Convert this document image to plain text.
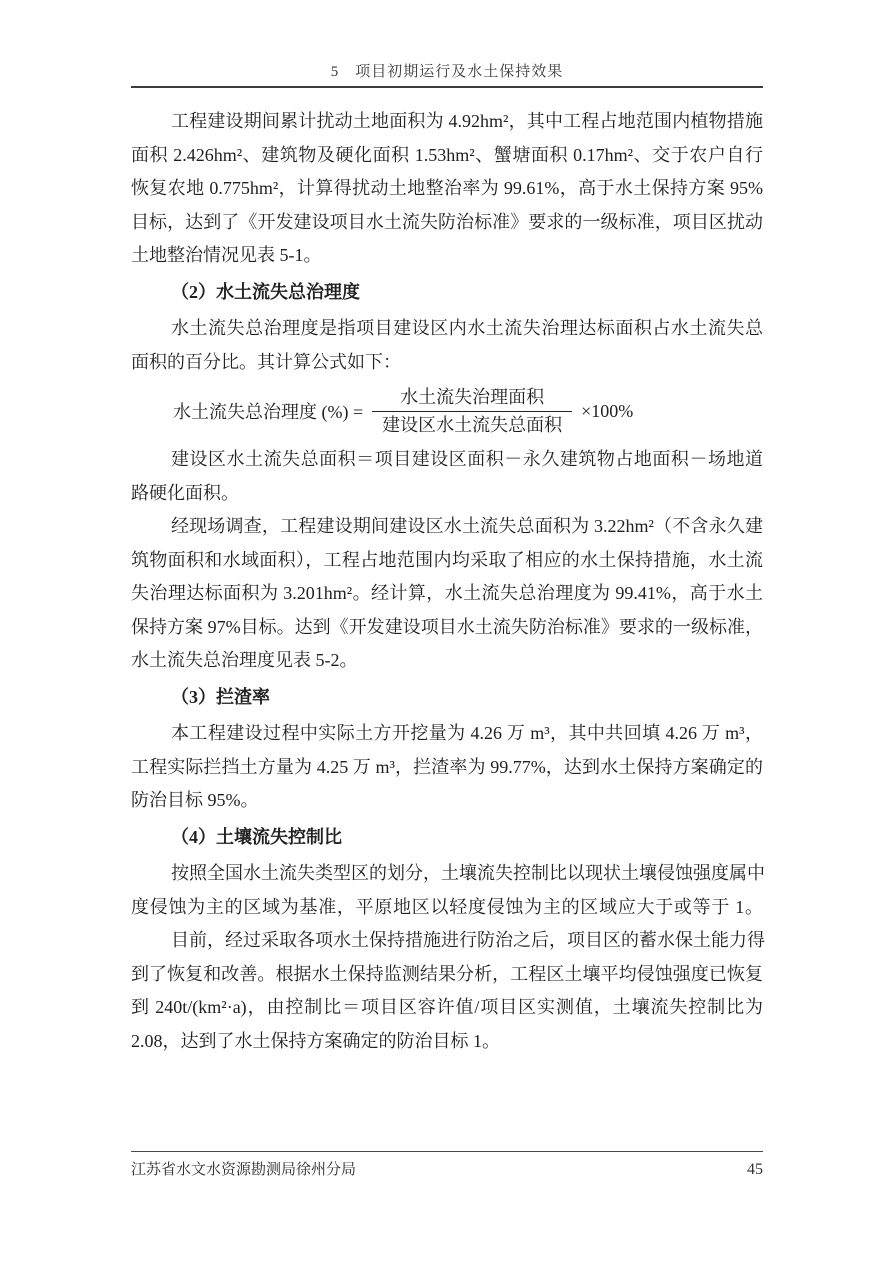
5　项目初期运行及水土保持效果
工程建设期间累计扰动土地面积为 4.92hm²，其中工程占地范围内植物措施
面积 2.426hm²、建筑物及硬化面积 1.53hm²、蟹塘面积 0.17hm²、交于农户自行
恢复农地 0.775hm²，计算得扰动土地整治率为 99.61%，高于水土保持方案 95%
目标，达到了《开发建设项目水土流失防治标准》要求的一级标准，项目区扰动
土地整治情况见表 5-1。
（2）水土流失总治理度
水土流失总治理度是指项目建设区内水土流失治理达标面积占水土流失总
面积的百分比。其计算公式如下：
水土流失总治理度 (%) = $\frac{\text{水土流失治理面积}}{\text{建设区水土流失总面积}} \times 100\%$
建设区水土流失总面积＝项目建设区面积－永久建筑物占地面积－场地道
路硬化面积。
经现场调查，工程建设期间建设区水土流失总面积为 3.22hm²（不含永久建
筑物面积和水域面积），工程占地范围内均采取了相应的水土保持措施，水土流
失治理达标面积为 3.201hm²。经计算，水土流失总治理度为 99.41%，高于水土
保持方案 97%目标。达到《开发建设项目水土流失防治标准》要求的一级标准，
水土流失总治理度见表 5-2。
（3）拦渣率
本工程建设过程中实际土方开挖量为 4.26 万 m³，其中共回填 4.26 万 m³，
工程实际拦挡土方量为 4.25 万 m³，拦渣率为 99.77%，达到水土保持方案确定的
防治目标 95%。
（4）土壤流失控制比
按照全国水土流失类型区的划分，土壤流失控制比以现状土壤侵蚀强度属中
度侵蚀为主的区域为基准，平原地区以轻度侵蚀为主的区域应大于或等于 1。
目前，经过采取各项水土保持措施进行防治之后，项目区的蓄水保土能力得
到了恢复和改善。根据水土保持监测结果分析，工程区土壤平均侵蚀强度已恢复
到 240t/(km²·a)，由控制比＝项目区容许值/项目区实测值，土壤流失控制比为
2.08，达到了水土保持方案确定的防治目标 1。
江苏省水文水资源勘测局徐州分局	45
